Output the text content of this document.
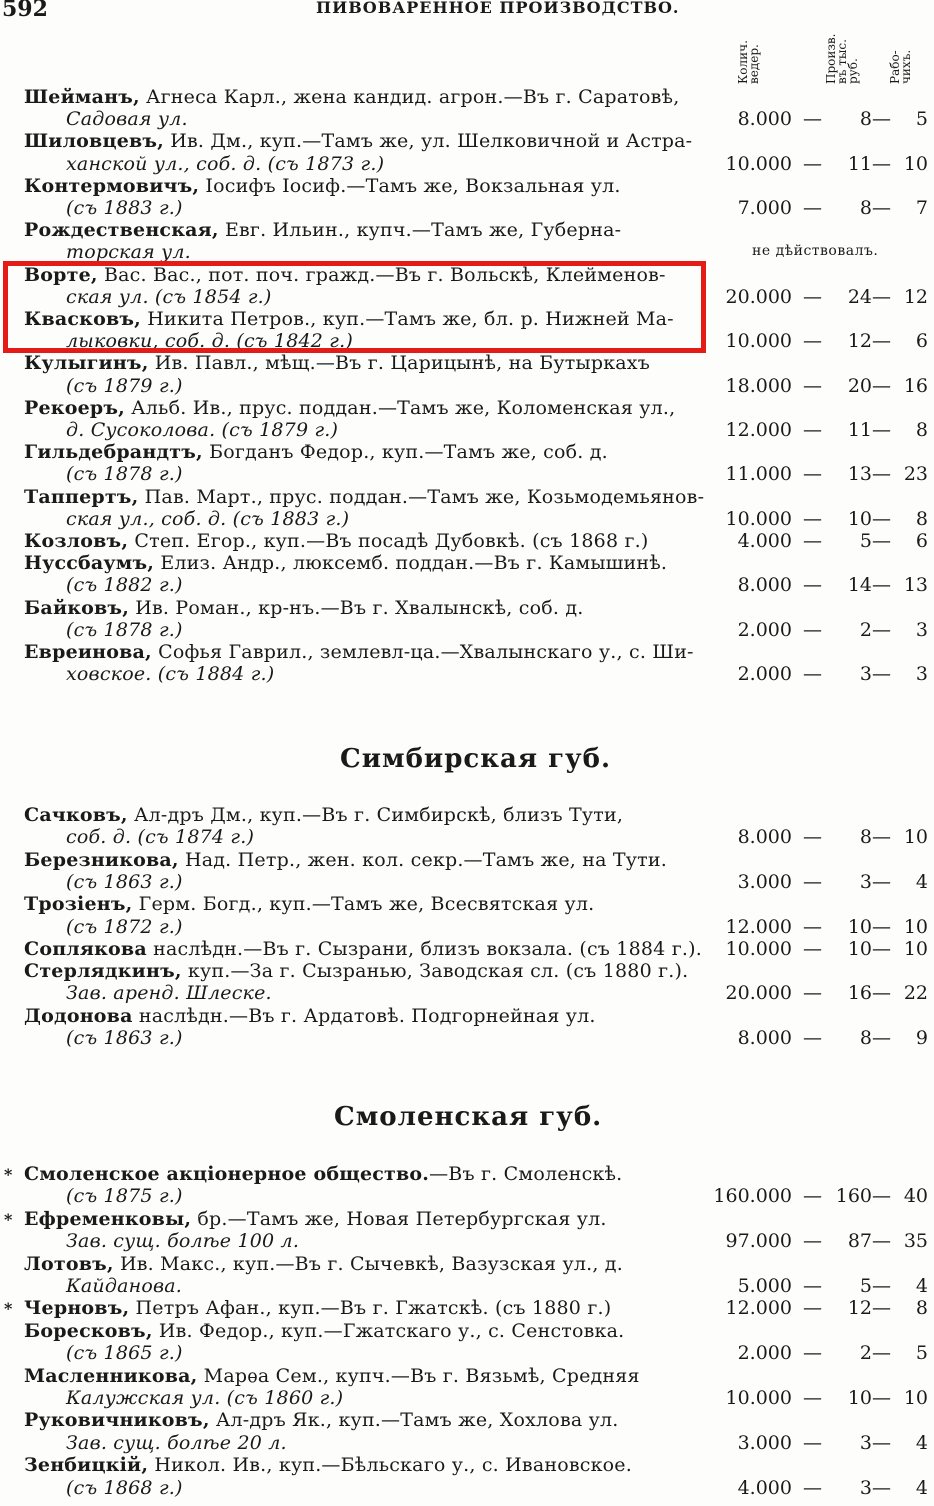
592	ПИВОВАРЕННОЕ ПРОИЗВОДСТВО.
Колич. ведер.	Произв. въ тыс. руб. Рабо-чихъ.
Шейманъ, Агнеса Карл., жена кандид. агрон.—Въ г. Саратовѣ,
Садовая ул.	8.000 —	8 —	5
Шиловцевъ, Ив. Дм., куп.—Тамъ же, ул. Шелковичной и Астра-
ханской ул., соб. д. (съ 1873 г.)	10.000 —	11 — 10
Контермовичъ, Іосифъ Іосиф.—Тамъ же, Вокзальная ул.
(съ 1883 г.)	7.000 —	8 —	7
Рождественская, Евг. Ильин., купч.—Тамъ же, Губерна-
торская ул.	не дѣйствовалъ.
Ворте, Вас. Вас., пот. поч. гражд.—Въ г. Вольскѣ, Клейменов-
ская ул. (съ 1854 г.)	20.000 —	24 — 12
Квасковъ, Никита Петров., куп.—Тамъ же, бл. р. Нижней Ма-
лыковки, соб. д. (съ 1842 г.)	10.000 —	12 —	6
Кулыгинъ, Ив. Павл., мѣщ.—Въ г. Царицынѣ, на Бутыркахъ
(съ 1879 г.)	18.000 —	20 — 16
Рекоеръ, Альб. Ив., прус. поддан.—Тамъ же, Коломенская ул.,
д. Сусоколова. (съ 1879 г.)	12.000 —	11 —	8
Гильдебрандтъ, Богданъ Федор., куп.—Тамъ же, соб. д.
(съ 1878 г.)	11.000 —	13 — 23
Таппертъ, Пав. Март., прус. поддан.—Тамъ же, Козьмодемьянов-
ская ул., соб. д. (съ 1883 г.)	10.000 —	10 —	8
Козловъ, Степ. Егор., куп.—Въ посадѣ Дубовкѣ. (съ 1868 г.)	4.000 —	5 —	6
Нуссбаумъ, Елиз. Андр., люксемб. поддан.—Въ г. Камышинѣ.
(съ 1882 г.)	8.000 —	14 — 13
Байковъ, Ив. Роман., кр-нъ.—Въ г. Хвалынскѣ, соб. д.
(съ 1878 г.)	2.000 —	2 —	3
Евреинова, Софья Гаврил., землевл-ца.—Хвалынскаго у., с. Ши-
ховское. (съ 1884 г.)	2.000 —	3 —	3
Симбирская губ.
Сачковъ, Ал-дръ Дм., куп.—Въ г. Симбирскѣ, близъ Тути,
соб. д. (съ 1874 г.)	8.000 —	8 — 10
Березникова, Над. Петр., жен. кол. секр.—Тамъ же, на Тути.
(съ 1863 г.)	3.000 —	3 —	4
Трозіенъ, Герм. Богд., куп.—Тамъ же, Всесвятская ул.
(съ 1872 г.)	12.000 —	10 — 10
Соплякова наслѣдн.—Въ г. Сызрани, близъ вокзала. (съ 1884 г.).	10.000 —	10 — 10
Стерлядкинъ, куп.—За г. Сызранью, Заводская сл. (съ 1880 г.).
Зав. аренд. Шлеске.	20.000 —	16 — 22
Додонова наслѣдн.—Въ г. Ардатовѣ. Подгорнейная ул.
(съ 1863 г.)	8.000 —	8 —	9
Смоленская губ.
* Смоленское акціонерное общество.—Въ г. Смоленскѣ.
(съ 1875 г.)	160.000 — 160 — 40
* Ефременковы, бр.—Тамъ же, Новая Петербургская ул.
Зав. сущ. болѣе 100 л.	97.000 —	87 — 35
Лотовъ, Ив. Макс., куп.—Въ г. Сычевкѣ, Вазузская ул., д.
Кайданова.	5.000 —	5 —	4
* Черновъ, Петръ Афан., куп.—Въ г. Гжатскѣ. (съ 1880 г.)	12.000 —	12 —	8
Боресковъ, Ив. Федор., куп.—Гжатскаго у., с. Сенстовка.
(съ 1865 г.)	2.000 —	2 —	5
Масленникова, Марѳа Сем., купч.—Въ г. Вязьмѣ, Средняя
Калужская ул. (съ 1860 г.)	10.000 —	10 — 10
Руковичниковъ, Ал-дръ Як., куп.—Тамъ же, Хохлова ул.
Зав. сущ. болѣе 20 л.	3.000 —	3 —	4
Зенбицкій, Никол. Ив., куп.—Бѣльскаго у., с. Ивановское.
(съ 1868 г.)	4.000 —	3 —	4
